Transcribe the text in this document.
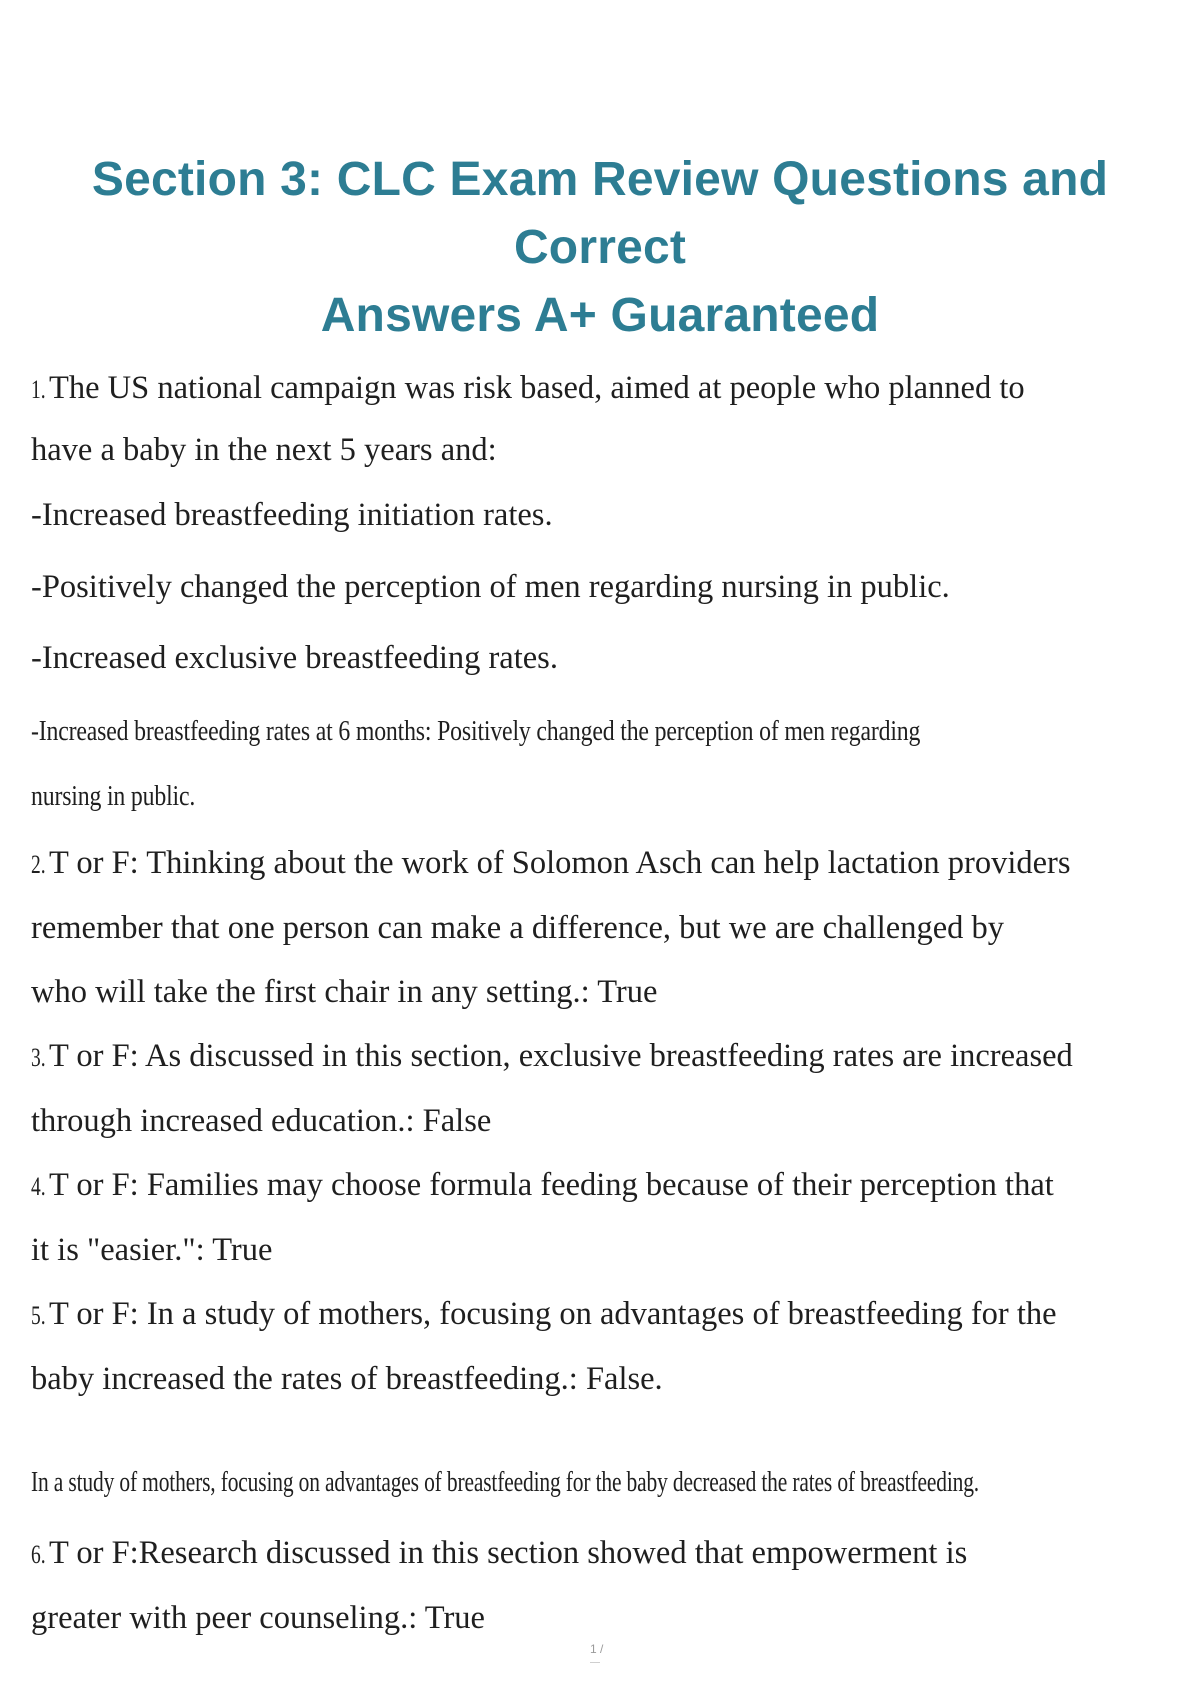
Section 3: CLC Exam Review Questions and Correct
Answers A+ Guaranteed
1. The US national campaign was risk based, aimed at people who planned to
have a baby in the next 5 years and:
-Increased breastfeeding initiation rates.
-Positively changed the perception of men regarding nursing in public.
-Increased exclusive breastfeeding rates.
-Increased breastfeeding rates at 6 months: Positively changed the perception of men regarding
nursing in public.
2. T or F: Thinking about the work of Solomon Asch can help lactation providers
remember that one person can make a difference, but we are challenged by
who will take the first chair in any setting.: True
3. T or F: As discussed in this section, exclusive breastfeeding rates are increased
through increased education.: False
4. T or F: Families may choose formula feeding because of their perception that
it is "easier.": True
5. T or F: In a study of mothers, focusing on advantages of breastfeeding for the
baby increased the rates of breastfeeding.: False.
In a study of mothers, focusing on advantages of breastfeeding for the baby decreased the rates of breastfeeding.
6. T or F:Research discussed in this section showed that empowerment is
greater with peer counseling.: True
1 /
